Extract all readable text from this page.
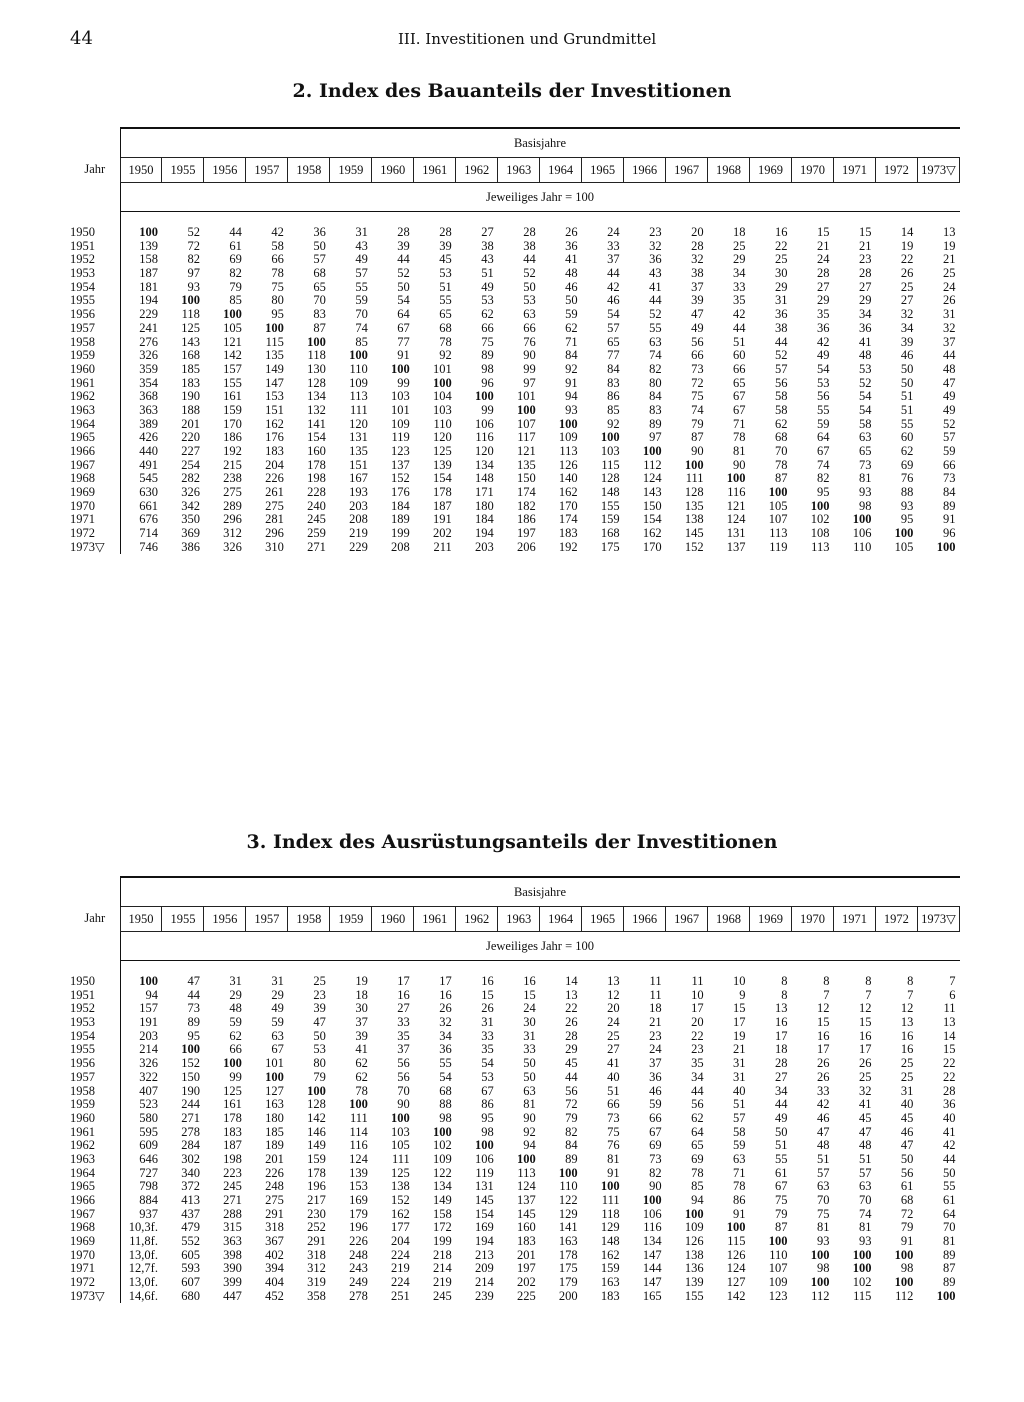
44	III. Investitionen und Grundmittel
2. Index des Bauanteils der Investitionen
Jahr	Basisjahre																			
	1950	1955	1956	1957	1958	1959	1960	1961	1962	1963	1964	1965	1966	1967	1968	1969	1970	1971	1972	1973▽
	Jeweiliges Jahr = 100																			

1950	100	52	44	42	36	31	28	28	27	28	26	24	23	20	18	16	15	15	14	13
1951	139	72	61	58	50	43	39	39	38	38	36	33	32	28	25	22	21	21	19	19
1952	158	82	69	66	57	49	44	45	43	44	41	37	36	32	29	25	24	23	22	21
1953	187	97	82	78	68	57	52	53	51	52	48	44	43	38	34	30	28	28	26	25
1954	181	93	79	75	65	55	50	51	49	50	46	42	41	37	33	29	27	27	25	24
1955	194	100	85	80	70	59	54	55	53	53	50	46	44	39	35	31	29	29	27	26
1956	229	118	100	95	83	70	64	65	62	63	59	54	52	47	42	36	35	34	32	31
1957	241	125	105	100	87	74	67	68	66	66	62	57	55	49	44	38	36	36	34	32
1958	276	143	121	115	100	85	77	78	75	76	71	65	63	56	51	44	42	41	39	37
1959	326	168	142	135	118	100	91	92	89	90	84	77	74	66	60	52	49	48	46	44
1960	359	185	157	149	130	110	100	101	98	99	92	84	82	73	66	57	54	53	50	48
1961	354	183	155	147	128	109	99	100	96	97	91	83	80	72	65	56	53	52	50	47
1962	368	190	161	153	134	113	103	104	100	101	94	86	84	75	67	58	56	54	51	49
1963	363	188	159	151	132	111	101	103	99	100	93	85	83	74	67	58	55	54	51	49
1964	389	201	170	162	141	120	109	110	106	107	100	92	89	79	71	62	59	58	55	52
1965	426	220	186	176	154	131	119	120	116	117	109	100	97	87	78	68	64	63	60	57
1966	440	227	192	183	160	135	123	125	120	121	113	103	100	90	81	70	67	65	62	59
1967	491	254	215	204	178	151	137	139	134	135	126	115	112	100	90	78	74	73	69	66
1968	545	282	238	226	198	167	152	154	148	150	140	128	124	111	100	87	82	81	76	73
1969	630	326	275	261	228	193	176	178	171	174	162	148	143	128	116	100	95	93	88	84
1970	661	342	289	275	240	203	184	187	180	182	170	155	150	135	121	105	100	98	93	89
1971	676	350	296	281	245	208	189	191	184	186	174	159	154	138	124	107	102	100	95	91
1972	714	369	312	296	259	219	199	202	194	197	183	168	162	145	131	113	108	106	100	96
1973▽	746	386	326	310	271	229	208	211	203	206	192	175	170	152	137	119	113	110	105	100
3. Index des Ausrüstungsanteils der Investitionen
Jahr	Basisjahre																			
	1950	1955	1956	1957	1958	1959	1960	1961	1962	1963	1964	1965	1966	1967	1968	1969	1970	1971	1972	1973▽
	Jeweiliges Jahr = 100																			

1950	100	47	31	31	25	19	17	17	16	16	14	13	11	11	10	8	8	8	8	7
1951	94	44	29	29	23	18	16	16	15	15	13	12	11	10	9	8	7	7	7	6
1952	157	73	48	49	39	30	27	26	26	24	22	20	18	17	15	13	12	12	12	11
1953	191	89	59	59	47	37	33	32	31	30	26	24	21	20	17	16	15	15	13	13
1954	203	95	62	63	50	39	35	34	33	31	28	25	23	22	19	17	16	16	16	14
1955	214	100	66	67	53	41	37	36	35	33	29	27	24	23	21	18	17	17	16	15
1956	326	152	100	101	80	62	56	55	54	50	45	41	37	35	31	28	26	26	25	22
1957	322	150	99	100	79	62	56	54	53	50	44	40	36	34	31	27	26	25	25	22
1958	407	190	125	127	100	78	70	68	67	63	56	51	46	44	40	34	33	32	31	28
1959	523	244	161	163	128	100	90	88	86	81	72	66	59	56	51	44	42	41	40	36
1960	580	271	178	180	142	111	100	98	95	90	79	73	66	62	57	49	46	45	45	40
1961	595	278	183	185	146	114	103	100	98	92	82	75	67	64	58	50	47	47	46	41
1962	609	284	187	189	149	116	105	102	100	94	84	76	69	65	59	51	48	48	47	42
1963	646	302	198	201	159	124	111	109	106	100	89	81	73	69	63	55	51	51	50	44
1964	727	340	223	226	178	139	125	122	119	113	100	91	82	78	71	61	57	57	56	50
1965	798	372	245	248	196	153	138	134	131	124	110	100	90	85	78	67	63	63	61	55
1966	884	413	271	275	217	169	152	149	145	137	122	111	100	94	86	75	70	70	68	61
1967	937	437	288	291	230	179	162	158	154	145	129	118	106	100	91	79	75	74	72	64
1968	10,3f.	479	315	318	252	196	177	172	169	160	141	129	116	109	100	87	81	81	79	70
1969	11,8f.	552	363	367	291	226	204	199	194	183	163	148	134	126	115	100	93	93	91	81
1970	13,0f.	605	398	402	318	248	224	218	213	201	178	162	147	138	126	110	100	100	100	89
1971	12,7f.	593	390	394	312	243	219	214	209	197	175	159	144	136	124	107	98	100	98	87
1972	13,0f.	607	399	404	319	249	224	219	214	202	179	163	147	139	127	109	100	102	100	89
1973▽	14,6f.	680	447	452	358	278	251	245	239	225	200	183	165	155	142	123	112	115	112	100
